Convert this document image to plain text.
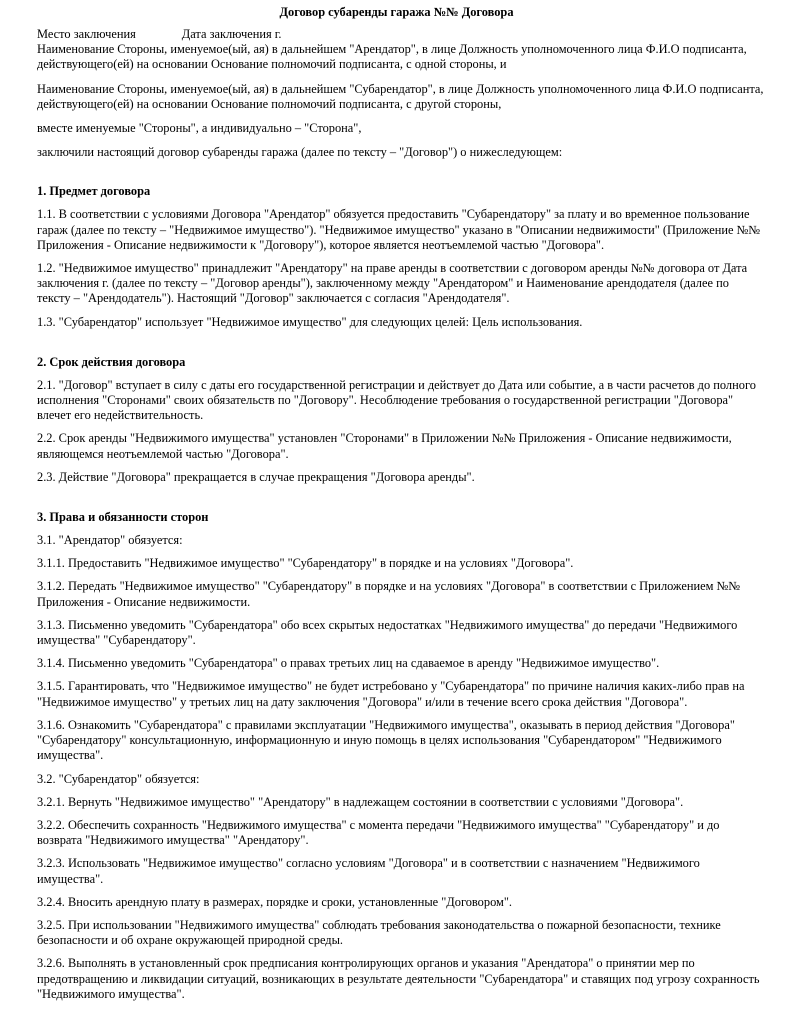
Договор субаренды гаража №№ Договора
Место заключения	Дата заключения г.

Наименование Стороны, именуемое(ый, ая) в дальнейшем "Арендатор", в лице Должность уполномоченного лица Ф.И.О подписанта, действующего(ей) на основании Основание полномочий подписанта, с одной стороны, и

Наименование Стороны, именуемое(ый, ая) в дальнейшем "Субарендатор", в лице Должность уполномоченного лица Ф.И.О подписанта, действующего(ей) на основании Основание полномочий подписанта, с другой стороны,

вместе именуемые "Стороны", а индивидуально – "Сторона",

заключили настоящий договор субаренды гаража (далее по тексту – "Договор") о нижеследующем:

1. Предмет договора

1.1. В соответствии с условиями Договора "Арендатор" обязуется предоставить "Субарендатору" за плату и во временное пользование гараж (далее по тексту – "Недвижимое имущество"). "Недвижимое имущество" указано в "Описании недвижимости" (Приложение №№ Приложения - Описание недвижимости к "Договору"), которое является неотъемлемой частью "Договора".

1.2. "Недвижимое имущество" принадлежит "Арендатору" на праве аренды в соответствии с договором аренды №№ договора от Дата заключения г. (далее по тексту – "Договор аренды"), заключенному между "Арендатором" и Наименование арендодателя (далее по тексту – "Арендодатель"). Настоящий "Договор" заключается с согласия "Арендодателя".

1.3. "Субарендатор" использует "Недвижимое имущество" для следующих целей: Цель использования.

2. Срок действия договора

2.1. "Договор" вступает в силу с даты его государственной регистрации и действует до Дата или событие, а в части расчетов до полного исполнения "Сторонами" своих обязательств по "Договору". Несоблюдение требования о государственной регистрации "Договора" влечет его недействительность.

2.2. Срок аренды "Недвижимого имущества" установлен "Сторонами" в Приложении №№ Приложения - Описание недвижимости, являющемся неотъемлемой частью "Договора".

2.3. Действие "Договора" прекращается в случае прекращения "Договора аренды".

3. Права и обязанности сторон

3.1. "Арендатор" обязуется:

3.1.1. Предоставить "Недвижимое имущество" "Субарендатору" в порядке и на условиях "Договора".

3.1.2. Передать "Недвижимое имущество" "Субарендатору" в порядке и на условиях "Договора" в соответствии с Приложением №№ Приложения - Описание недвижимости.

3.1.3. Письменно уведомить "Субарендатора" обо всех скрытых недостатках "Недвижимого имущества" до передачи "Недвижимого имущества" "Субарендатору".

3.1.4. Письменно уведомить "Субарендатора" о правах третьих лиц на сдаваемое в аренду "Недвижимое имущество".

3.1.5. Гарантировать, что "Недвижимое имущество" не будет истребовано у "Субарендатора" по причине наличия каких-либо прав на "Недвижимое имущество" у третьих лиц на дату заключения "Договора" и/или в течение всего срока действия "Договора".

3.1.6. Ознакомить "Субарендатора" с правилами эксплуатации "Недвижимого имущества", оказывать в период действия "Договора" "Субарендатору" консультационную, информационную и иную помощь в целях использования "Субарендатором" "Недвижимого имущества".

3.2. "Субарендатор" обязуется:

3.2.1. Вернуть "Недвижимое имущество" "Арендатору" в надлежащем состоянии в соответствии с условиями "Договора".

3.2.2. Обеспечить сохранность "Недвижимого имущества" с момента передачи "Недвижимого имущества" "Субарендатору" и до возврата "Недвижимого имущества" "Арендатору".

3.2.3. Использовать "Недвижимое имущество" согласно условиям "Договора" и в соответствии с назначением "Недвижимого имущества".

3.2.4. Вносить арендную плату в размерах, порядке и сроки, установленные "Договором".

3.2.5. При использовании "Недвижимого имущества" соблюдать требования законодательства о пожарной безопасности, технике безопасности и об охране окружающей природной среды.

3.2.6. Выполнять в установленный срок предписания контролирующих органов и указания "Арендатора" о принятии мер по предотвращению и ликвидации ситуаций, возникающих в результате деятельности "Субарендатора" и ставящих под угрозу сохранность "Недвижимого имущества".
